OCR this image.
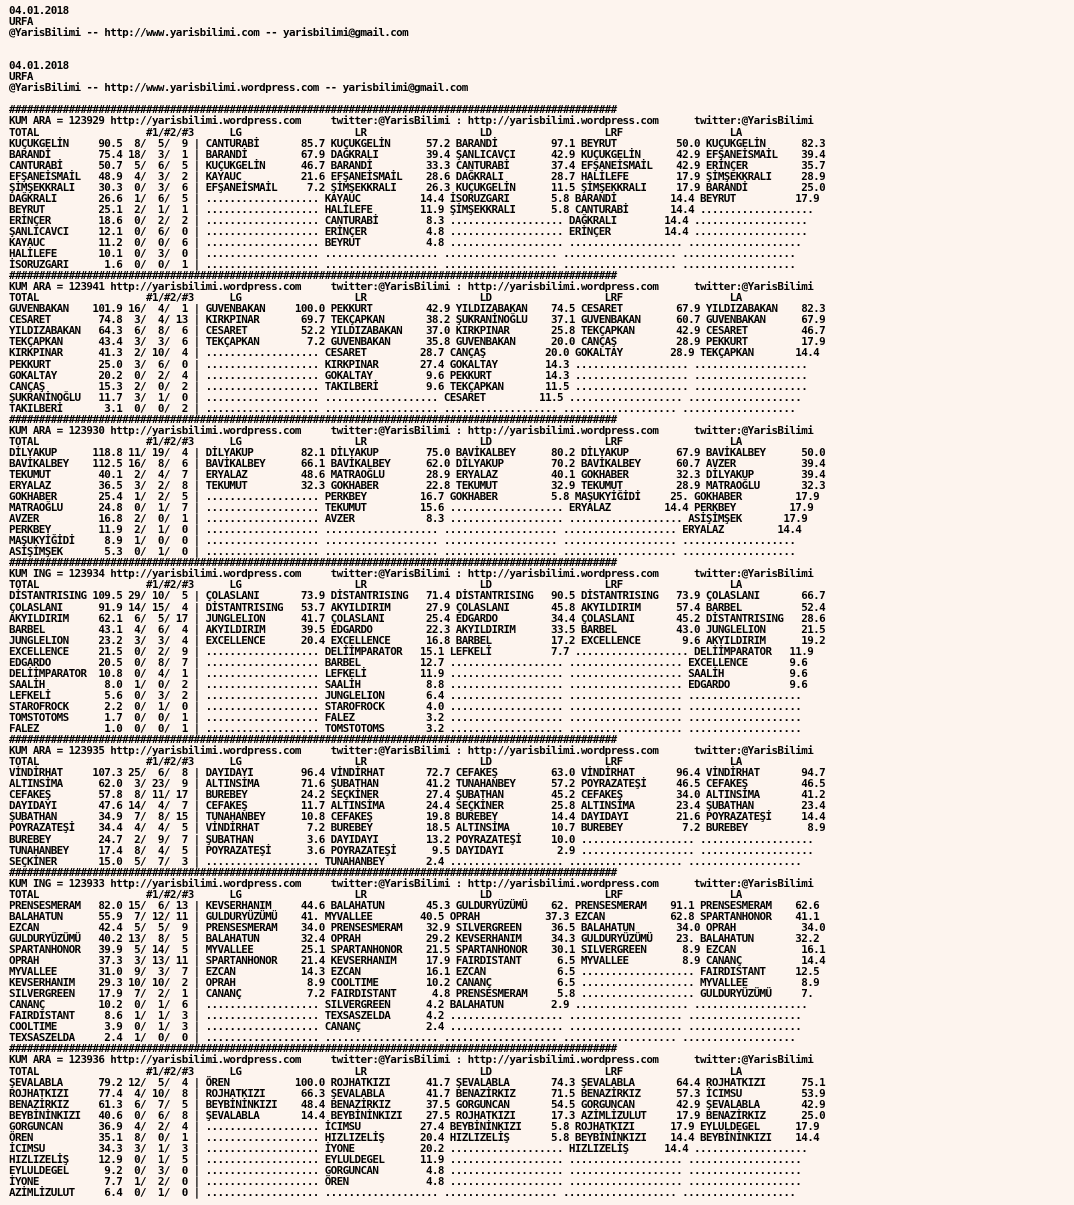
04.01.2018
URFA
@YarisBilimi -- http://www.yarisbilimi.com -- yarisbilimi@gmail.com

04.01.2018
URFA
@YarisBilimi -- http://www.yarisbilimi.wordpress.com -- yarisbilimi@gmail.com

######################################################################################################
KUM ARA = 123929 http://yarisbilimi.wordpress.com     twitter:@YarisBilimi : http://yarisbilimi.wordpress.com      twitter:@YarisBilimi
TOTAL                  #1/#2/#3      LG                   LR                   LD                   LRF                  LA
KUÇUKGELİN     90.5  8/  5/  9 | CANTURABİ       85.7 KUÇUKGELİN      57.2 BARANDİ         97.1 BEYRUT          50.0 KUÇUKGELİN      82.3
BARANDİ        75.4 18/  3/  1 | BARANDİ         67.9 DAĞKRALI        39.4 ŞANLICAVCI      42.9 KUÇUKGELİN      42.9 EFŞANEİSMAİL    39.4
CANTURABİ      50.7  5/  6/  5 | KUÇUKGELİN      46.7 BARANDİ         33.3 CANTURABİ       37.4 EFŞANEİSMAİL    42.9 ERİNÇER         35.7
EFŞANEİSMAİL   48.9  4/  3/  2 | KAYAUC          21.6 EFŞANEİSMAİL    28.6 DAĞKRALI        28.7 HALİLEFE        17.9 ŞİMŞEKKRALI     28.9
ŞİMŞEKKRALI    30.3  0/  3/  6 | EFŞANEİSMAİL     7.2 ŞİMŞEKKRALI     26.3 KUÇUKGELİN      11.5 ŞİMŞEKKRALI     17.9 BARANDİ         25.0
DAĞKRALI       26.6  1/  6/  5 | ................... KAYAUC          14.4 İSORUZGARI       5.8 BARANDİ         14.4 BEYRUT          17.9
BEYRUT         25.1  2/  1/  1 | ................... HALİLEFE        11.9 ŞİMŞEKKRALI      5.8 CANTURABİ       14.4 ...................
ERİNÇER        18.6  0/  2/  2 | ................... CANTURABİ        8.3 ................... DAĞKRALI        14.4 ...................
ŞANLICAVCI     12.1  0/  6/  0 | ................... ERİNÇER          4.8 ................... ERİNÇER         14.4 ...................
KAYAUC         11.2  0/  0/  6 | ................... BEYRUT           4.8 ................... ................... ...................
HALİLEFE       10.1  0/  3/  0 | ................... ................... ................... ................... ...................
İSORUZGARI      1.6  0/  0/  1 | ................... ................... ................... ................... ...................
######################################################################################################
KUM ARA = 123941 http://yarisbilimi.wordpress.com     twitter:@YarisBilimi : http://yarisbilimi.wordpress.com      twitter:@YarisBilimi
TOTAL                  #1/#2/#3      LG                   LR                   LD                   LRF                  LA
GUVENBAKAN    101.9 16/  4/  1 | GUVENBAKAN     100.0 PEKKURT         42.9 YILDIZABAKAN    74.5 CESARET         67.9 YILDIZABAKAN    82.3
CESARET        74.8  3/  4/ 13 | KIRKPINAR       69.7 TEKÇAPKAN       38.2 ŞUKRANİNOĞLU    37.1 GUVENBAKAN      60.7 GUVENBAKAN      67.9
YILDIZABAKAN   64.3  6/  8/  6 | CESARET         52.2 YILDIZABAKAN    37.0 KIRKPINAR       25.8 TEKÇAPKAN       42.9 CESARET         46.7
TEKÇAPKAN      43.4  3/  3/  6 | TEKÇAPKAN        7.2 GUVENBAKAN      35.8 GUVENBAKAN      20.0 CANÇAŞ          28.9 PEKKURT         17.9
KIRKPINAR      41.3  2/ 10/  4 | ................... CESARET         28.7 CANÇAŞ          20.0 GOKALTAY        28.9 TEKÇAPKAN       14.4
PEKKURT        25.0  3/  6/  0 | ................... KIRKPINAR       27.4 GOKALTAY        14.3 ................... ...................
GOKALTAY       20.2  0/  2/  4 | ................... GOKALTAY         9.6 PEKKURT         14.3 ................... ...................
CANÇAŞ         15.3  2/  0/  2 | ................... TAKILBERİ        9.6 TEKÇAPKAN       11.5 ................... ...................
ŞUKRANİNOĞLU   11.7  3/  1/  0 | ................... ................... CESARET         11.5 ................... ...................
TAKILBERİ       3.1  0/  0/  2 | ................... ................... ................... ................... ...................
######################################################################################################
KUM ARA = 123930 http://yarisbilimi.wordpress.com     twitter:@YarisBilimi : http://yarisbilimi.wordpress.com      twitter:@YarisBilimi
TOTAL                  #1/#2/#3      LG                   LR                   LD                   LRF                  LA
DİLYAKUP      118.8 11/ 19/  4 | DİLYAKUP        82.1 DİLYAKUP        75.0 BAVİKALBEY      80.2 DİLYAKUP        67.9 BAVİKALBEY      50.0
BAVİKALBEY    112.5 16/  8/  6 | BAVİKALBEY      66.1 BAVİKALBEY      62.0 DİLYAKUP        70.2 BAVİKALBEY      60.7 AVZER           39.4
TEKUMUT        40.1  2/  4/  7 | ERYALAZ         48.6 MATRAOĞLU       28.9 ERYALAZ         40.1 GOKHABER        32.3 DİLYAKUP        39.4
ERYALAZ        36.5  3/  2/  8 | TEKUMUT         32.3 GOKHABER        22.8 TEKUMUT         32.9 TEKUMUT         28.9 MATRAOĞLU       32.3
GOKHABER       25.4  1/  2/  5 | ................... PERKBEY         16.7 GOKHABER         5.8 MAŞUKYİĞİDİ     25. GOKHABER         17.9
MATRAOĞLU      24.8  0/  1/  7 | ................... TEKUMUT         15.6 ................... ERYALAZ         14.4 PERKBEY         17.9
AVZER          16.8  2/  0/  1 | ................... AVZER            8.3 ................... ................... ASİŞİMŞEK       17.9
PERKBEY        11.9  2/  1/  0 | ................... ................... ................... ................... ERYALAZ         14.4
MAŞUKYİĞİDİ     8.9  1/  0/  0 | ................... ................... ................... ................... ...................
ASİŞİMŞEK       5.3  0/  1/  0 | ................... ................... ................... ................... ...................
######################################################################################################
KUM ING = 123934 http://yarisbilimi.wordpress.com     twitter:@YarisBilimi : http://yarisbilimi.wordpress.com      twitter:@YarisBilimi
TOTAL                  #1/#2/#3      LG                   LR                   LD                   LRF                  LA
DİSTANTRISING 109.5 29/ 10/  5 | ÇOLASLANI       73.9 DİSTANTRISING   71.4 DİSTANTRISING   90.5 DİSTANTRISING   73.9 ÇOLASLANI       66.7
ÇOLASLANI      91.9 14/ 15/  4 | DİSTANTRISING   53.7 AKYILDIRIM      27.9 ÇOLASLANI       45.8 AKYILDIRIM      57.4 BARBEL          52.4
AKYILDIRIM     62.1  6/  5/ 17 | JUNGLELION      41.7 ÇOLASLANI       25.4 EDGARDO         34.4 ÇOLASLANI       45.2 DİSTANTRISING   28.6
BARBEL         43.1  4/  6/  4 | AKYILDIRIM      39.5 EDGARDO         22.3 AKYILDIRIM      33.5 BARBEL          43.0 JUNGLELION      21.5
JUNGLELION     23.2  3/  3/  4 | EXCELLENCE      20.4 EXCELLENCE      16.8 BARBEL          17.2 EXCELLENCE       9.6 AKYILDIRIM      19.2
EXCELLENCE     21.5  0/  2/  9 | ................... DELİİMPARATOR   15.1 LEFKELİ          7.7 ................... DELİİMPARATOR   11.9
EDGARDO        20.5  0/  8/  7 | ................... BARBEL          12.7 ................... ................... EXCELLENCE       9.6
DELİİMPARATOR  10.8  0/  4/  1 | ................... LEFKELİ         11.9 ................... ................... SAALİH           9.6
SAALİH          8.0  1/  0/  2 | ................... SAALİH           8.8 ................... ................... EDGARDO          9.6
LEFKELİ         5.6  0/  3/  2 | ................... JUNGLELION       6.4 ................... ................... ...................
STAROFROCK      2.2  0/  1/  0 | ................... STAROFROCK       4.0 ................... ................... ...................
TOMSTOTOMS      1.7  0/  0/  1 | ................... FALEZ            3.2 ................... ................... ...................
FALEZ           1.0  0/  0/  1 | ................... TOMSTOTOMS       3.2 ................... ................... ...................
######################################################################################################
KUM ARA = 123935 http://yarisbilimi.wordpress.com     twitter:@YarisBilimi : http://yarisbilimi.wordpress.com      twitter:@YarisBilimi
TOTAL                  #1/#2/#3      LG                   LR                   LD                   LRF                  LA
VİNDİRHAT     107.3 25/  6/  8 | DAYIDAYI        96.4 VİNDİRHAT       72.7 CEFAKEŞ         63.0 VİNDİRHAT       96.4 VİNDİRHAT       94.7
ALTINSİMA      62.0  3/ 23/  9 | ALTINSİMA       71.6 ŞUBATHAN        41.2 TUNAHANBEY      57.2 POYRAZATEŞİ     46.5 CEFAKEŞ         46.5
CEFAKEŞ        57.8  8/ 11/ 17 | BUREBEY         24.2 SEÇKİNER        27.4 ŞUBATHAN        45.2 CEFAKEŞ         34.0 ALTINSİMA       41.2
DAYIDAYI       47.6 14/  4/  7 | CEFAKEŞ         11.7 ALTINSİMA       24.4 SEÇKİNER        25.8 ALTINSİMA       23.4 ŞUBATHAN        23.4
ŞUBATHAN       34.9  7/  8/ 15 | TUNAHANBEY      10.8 CEFAKEŞ         19.8 BUREBEY         14.4 DAYIDAYI        21.6 POYRAZATEŞİ     14.4
POYRAZATEŞİ    34.4  4/  4/  5 | VİNDİRHAT        7.2 BUREBEY         18.5 ALTINSİMA       10.7 BUREBEY          7.2 BUREBEY          8.9
BUREBEY        24.7  2/  9/  7 | ŞUBATHAN         3.6 DAYIDAYI        13.2 POYRAZATEŞİ     10.0 ................... ...................
TUNAHANBEY     17.4  8/  4/  5 | POYRAZATEŞİ      3.6 POYRAZATEŞİ      9.5 DAYIDAYI         2.9 ................... ...................
SEÇKİNER       15.0  5/  7/  3 | ................... TUNAHANBEY       2.4 ................... ................... ...................
######################################################################################################
KUM ING = 123933 http://yarisbilimi.wordpress.com     twitter:@YarisBilimi : http://yarisbilimi.wordpress.com      twitter:@YarisBilimi
TOTAL                  #1/#2/#3      LG                   LR                   LD                   LRF                  LA
PRENSESMERAM   82.0 15/  6/ 13 | KEVSERHANIM     44.6 BALAHATUN       45.3 GULDURYÜZÜMÜ    62. PRENSESMERAM    91.1 PRENSESMERAM    62.6
BALAHATUN      55.9  7/ 12/ 11 | GULDURYÜZÜMÜ    41. MYVALLEE        40.5 OPRAH           37.3 EZCAN           62.8 SPARTANHONOR    41.1
EZCAN          42.4  5/  5/  9 | PRENSESMERAM    34.0 PRENSESMERAM    32.9 SILVERGREEN     36.5 BALAHATUN       34.0 OPRAH           34.0
GULDURYÜZÜMÜ   40.2 13/  8/  5 | BALAHATUN       32.4 OPRAH           29.2 KEVSERHANIM     34.3 GULDURYÜZÜMÜ    23. BALAHATUN       32.2
SPARTANHONOR   39.9  5/ 14/  5 | MYVALLEE        25.1 SPARTANHONOR    21.5 SPARTANHONOR    30.1 SILVERGREEN      8.9 EZCAN           16.1
OPRAH          37.3  3/ 13/ 11 | SPARTANHONOR    21.4 KEVSERHANIM     17.9 FAIRDISTANT      6.5 MYVALLEE         8.9 CANANÇ          14.4
MYVALLEE       31.0  9/  3/  7 | EZCAN           14.3 EZCAN           16.1 EZCAN            6.5 ................... FAIRDISTANT     12.5
KEVSERHANIM    29.3 10/ 10/  2 | OPRAH            8.9 COOLTIME        10.2 CANANÇ           6.5 ................... MYVALLEE         8.9
SILVERGREEN    17.9  7/  2/  1 | CANANÇ           7.2 FAIRDISTANT      4.8 PRENSESMERAM     5.8 ................... GULDURYÜZÜMÜ     7.
CANANÇ         10.2  0/  1/  6 | ................... SILVERGREEN      4.2 BALAHATUN        2.9 ................... ...................
FAIRDISTANT     8.6  1/  1/  3 | ................... TEXSASZELDA      4.2 ................... ................... ...................
COOLTIME        3.9  0/  1/  3 | ................... CANANÇ           2.4 ................... ................... ...................
TEXSASZELDA     2.4  1/  0/  0 | ................... ................... ................... ................... ...................
######################################################################################################
KUM ARA = 123936 http://yarisbilimi.wordpress.com     twitter:@YarisBilimi : http://yarisbilimi.wordpress.com      twitter:@YarisBilimi
TOTAL                  #1/#2/#3      LG                   LR                   LD                   LRF                  LA
ŞEVALABLA      79.2 12/  5/  4 | ÖREN           100.0 ROJHATKIZI      41.7 ŞEVALABLA       74.3 ŞEVALABLA       64.4 ROJHATKIZI      75.1
ROJHATKIZI     77.4  4/ 10/  8 | ROJHATKIZI      66.3 ŞEVALABLA       41.7 BENAZİRKIZ      71.5 BENAZİRKIZ      57.3 İCIMSU          53.9
BENAZİRKIZ     61.3  6/  7/  5 | BEYBİNİNKIZI    48.4 BENAZİRKIZ      37.5 GORGUNCAN       54.5 GORGUNCAN       42.9 ŞEVALABLA       42.9
BEYBİNİNKIZI   40.6  0/  6/  8 | ŞEVALABLA       14.4 BEYBİNİNKIZI    27.5 ROJHATKIZI      17.3 AZİMLİZULUT     17.9 BENAZİRKIZ      25.0
GORGUNCAN      36.9  4/  2/  4 | ................... İCIMSU          27.4 BEYBİNİNKIZI     5.8 ROJHATKIZI      17.9 EYLULDEGEL      17.9
ÖREN           35.1  8/  0/  1 | ................... HIZLIZELİŞ      20.4 HIZLIZELİŞ       5.8 BEYBİNİNKIZI    14.4 BEYBİNİNKIZI    14.4
İCIMSU         34.3  3/  1/  3 | ................... İYONE           20.2 ................... HIZLIZELİŞ      14.4 ...................
HIZLIZELİŞ     12.9  0/  1/  5 | ................... EYLULDEGEL      11.9 ................... ................... ...................
EYLULDEGEL      9.2  0/  3/  0 | ................... GORGUNCAN        4.8 ................... ................... ...................
İYONE           7.7  1/  2/  0 | ................... ÖREN             4.8 ................... ................... ...................
AZİMLİZULUT     6.4  0/  1/  0 | ................... ................... ................... ................... ...................
